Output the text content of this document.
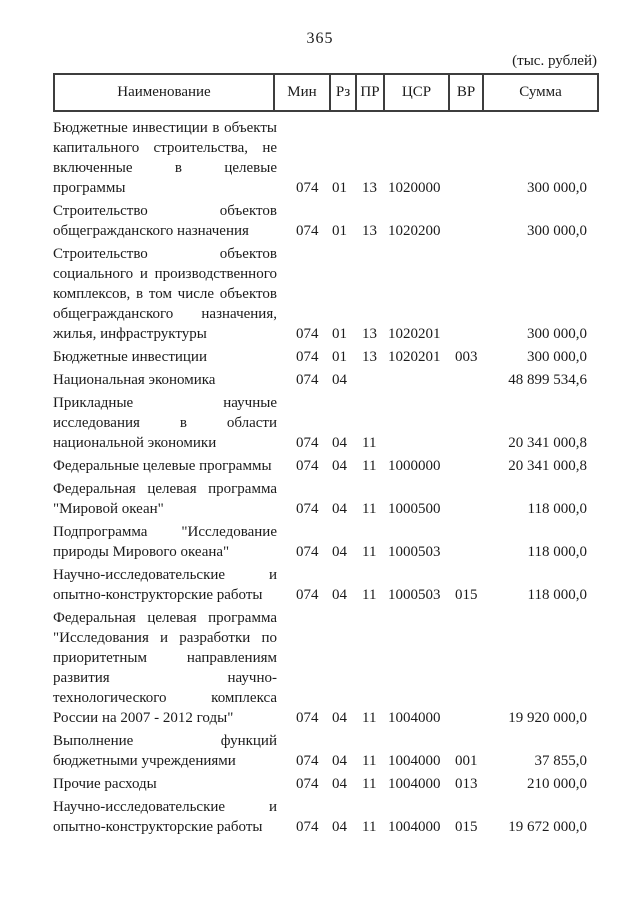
365
(тыс. рублей)
Наименование	Мин	Рз	ПР	ЦСР	ВР	Сумма
Бюджетные инвестиции в объекты
капитального строительства, не
включенные в целевые
программы	074	01	13	1020000		300 000,0

Строительство объектов
общегражданского назначения	074	01	13	1020200		300 000,0

Строительство объектов
социального и производственного
комплексов, в том числе объектов
общегражданского назначения,
жилья, инфраструктуры	074	01	13	1020201		300 000,0

Бюджетные инвестиции	074	01	13	1020201	003	300 000,0

Национальная экономика	074	04				48 899 534,6

Прикладные научные
исследования в области
национальной экономики	074	04	11			20 341 000,8

Федеральные целевые программы	074	04	11	1000000		20 341 000,8

Федеральная целевая программа
"Мировой океан"	074	04	11	1000500		118 000,0

Подпрограмма "Исследование
природы Мирового океана"	074	04	11	1000503		118 000,0

Научно-исследовательские и
опытно-конструкторские работы	074	04	11	1000503	015	118 000,0

Федеральная целевая программа
"Исследования и разработки по
приоритетным направлениям
развития научно-
технологического комплекса
России на 2007 - 2012 годы"	074	04	11	1004000		19 920 000,0

Выполнение функций
бюджетными учреждениями	074	04	11	1004000	001	37 855,0

Прочие расходы	074	04	11	1004000	013	210 000,0

Научно-исследовательские и
опытно-конструкторские работы	074	04	11	1004000	015	19 672 000,0
